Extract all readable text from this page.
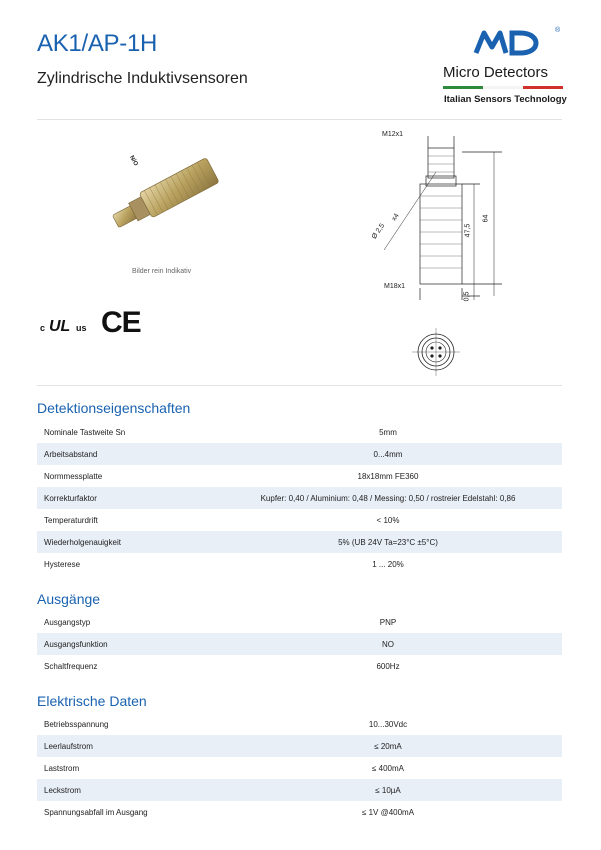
AK1/AP-1H
Zylindrische Induktivsensoren
®
Micro Detectors
Italian Sensors Technology
N/O
Bilder rein Indikativ
c UL us CE
M12x1
M18x1
64
47,5
0,5
Ø 2,5
x4
Detektionseigenschaften
Nominale Tastweite Sn	5mm
Arbeitsabstand	0...4mm
Normmessplatte	18x18mm FE360
Korrekturfaktor	Kupfer: 0,40 / Aluminium: 0,48 / Messing: 0,50 / rostreier Edelstahl: 0,86
Temperaturdrift	< 10%
Wiederholgenauigkeit	5% (UB 24V Ta=23°C ±5°C)
Hysterese	1 ... 20%
Ausgänge
Ausgangstyp	PNP
Ausgangsfunktion	NO
Schaltfrequenz	600Hz
Elektrische Daten
Betriebsspannung	10...30Vdc
Leerlaufstrom	≤ 20mA
Laststrom	≤ 400mA
Leckstrom	≤ 10µA
Spannungsabfall im Ausgang	≤ 1V @400mA
